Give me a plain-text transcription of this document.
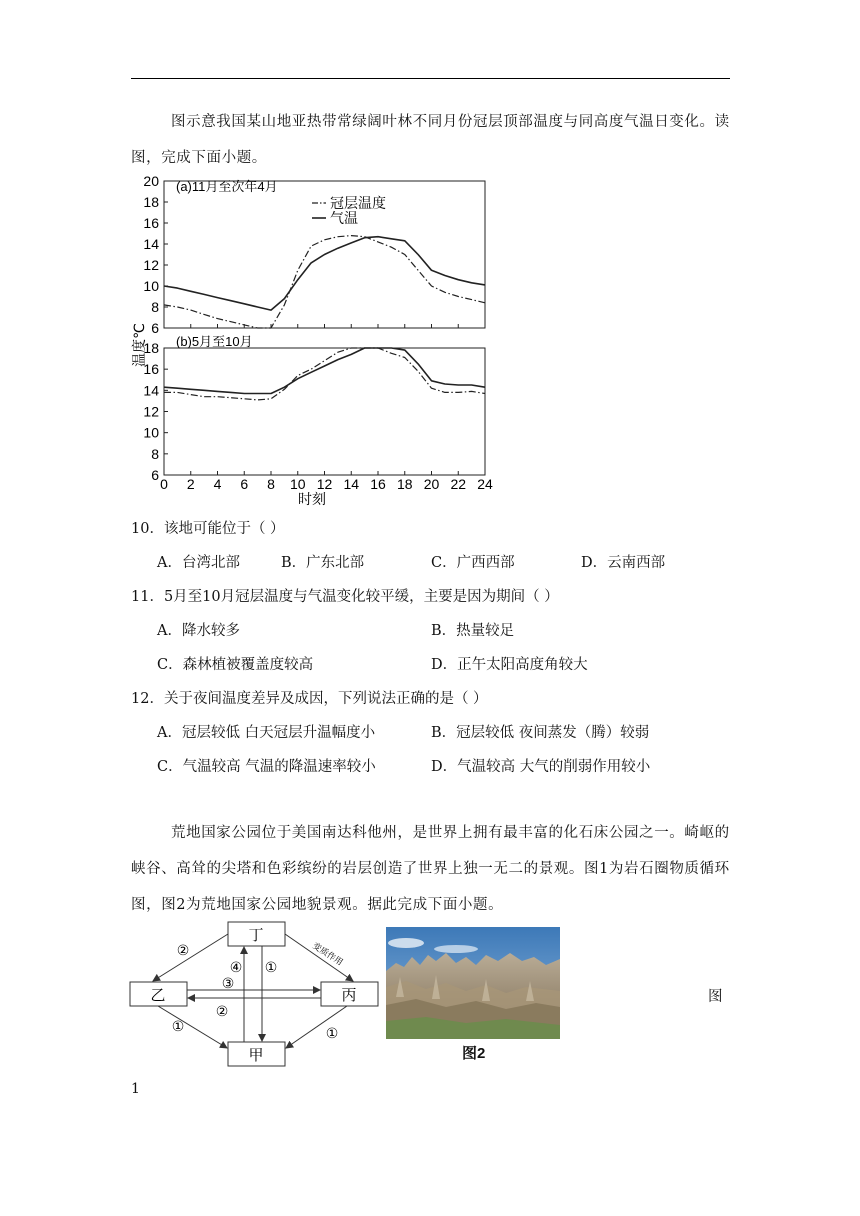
图示意我国某山地亚热带常绿阔叶林不同月份冠层顶部温度与同高度气温日变化。读图，完成下面小题。
6
8
10
12
14
16
18
20
6
8
10
12
14
16
18
0 2 4 6 8 10 12 14 16 18 20 22 24
(a)11月至次年4月
(b)5月至10月
温度℃
时刻
冠层温度
气温
10．该地可能位于（ ）
A．台湾北部	B．广东北部	C．广西西部	D．云南西部
11．5月至10月冠层温度与气温变化较平缓，主要是因为期间（ ）
A．降水较多	B．热量较足
C．森林植被覆盖度较高	D．正午太阳高度角较大
12．关于夜间温度差异及成因，下列说法正确的是（ ）
A．冠层较低 白天冠层升温幅度小	B．冠层较低 夜间蒸发（腾）较弱
C．气温较高 气温的降温速率较小	D．气温较高 大气的削弱作用较小
荒地国家公园位于美国南达科他州，是世界上拥有最丰富的化石床公园之一。崎岖的峡谷、高耸的尖塔和色彩缤纷的岩层创造了世界上独一无二的景观。图1为岩石圈物质循环图，图2为荒地国家公园地貌景观。据此完成下面小题。
丁
乙	丙
甲
②	变质作用
④ ①
③
②
①	①
图2
图
1
